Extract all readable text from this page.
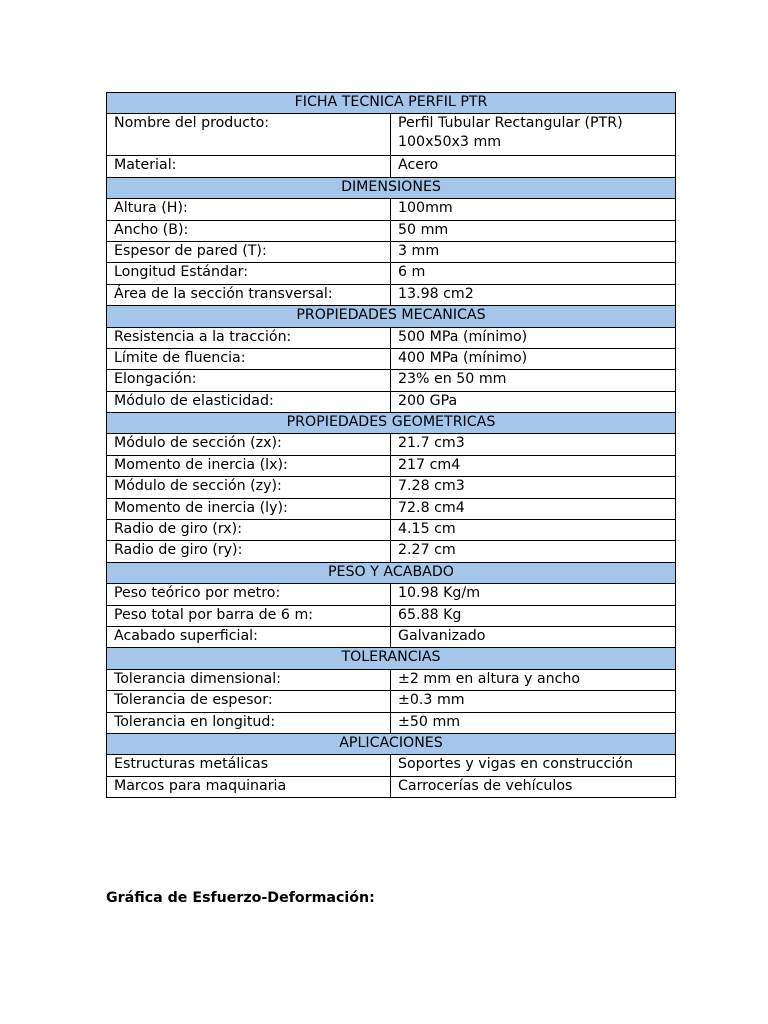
FICHA TECNICA PERFIL PTR	
Nombre del producto:	Perfil Tubular Rectangular (PTR) 100x50x3 mm
Material:	Acero
DIMENSIONES	
Altura (H):	100mm
Ancho (B):	50 mm
Espesor de pared (T):	3 mm
Longitud Estándar:	6 m
Área de la sección transversal:	13.98 cm2
PROPIEDADES MECANICAS	
Resistencia a la tracción:	500 MPa (mínimo)
Límite de fluencia:	400 MPa (mínimo)
Elongación:	23% en 50 mm
Módulo de elasticidad:	200 GPa
PROPIEDADES GEOMETRICAS	
Módulo de sección (zx):	21.7 cm3
Momento de inercia (lx):	217 cm4
Módulo de sección (zy):	7.28 cm3
Momento de inercia (ly):	72.8 cm4
Radio de giro (rx):	4.15 cm
Radio de giro (ry):	2.27 cm
PESO Y ACABADO	
Peso teórico por metro:	10.98 Kg/m
Peso total por barra de 6 m:	65.88 Kg
Acabado superficial:	Galvanizado
TOLERANCIAS	
Tolerancia dimensional:	±2 mm en altura y ancho
Tolerancia de espesor:	±0.3 mm
Tolerancia en longitud:	±50 mm
APLICACIONES	
Estructuras metálicas	Soportes y vigas en construcción
Marcos para maquinaria	Carrocerías de vehículos
Gráfica de Esfuerzo-Deformación:
